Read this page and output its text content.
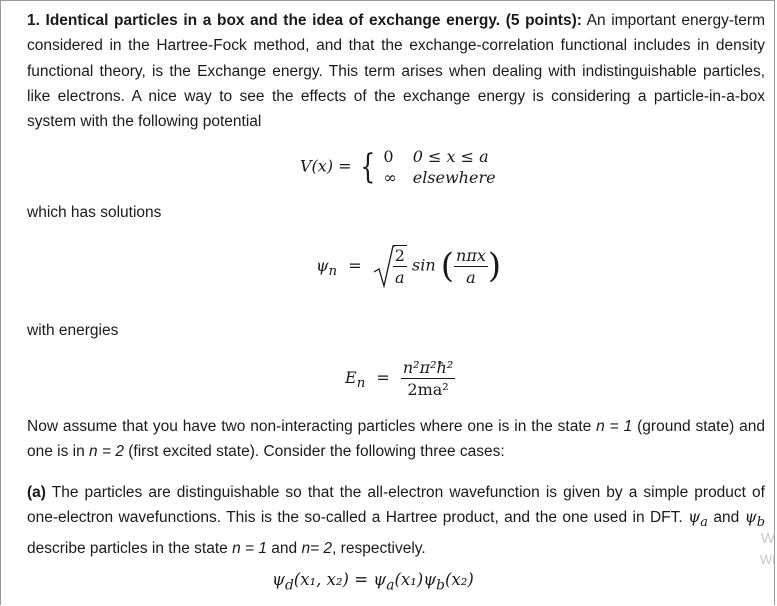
1. Identical particles in a box and the idea of exchange energy. (5 points): An important energy-term considered in the Hartree-Fock method, and that the exchange-correlation functional includes in density functional theory, is the Exchange energy. This term arises when dealing with indistinguishable particles, like electrons. A nice way to see the effects of the exchange energy is considering a particle-in-a-box system with the following potential
V(x) = { 0	0 ≤ x ≤ a
∞	elsewhere
which has solutions
$\psi_n = \frac{2}{a}$ sin ( $\frac{\text{nπx}}{a}$ )
with energies
$E_n = \frac{\text{n²π²ħ²}}{\text{2ma²}}$
Now assume that you have two non-interacting particles where one is in the state n = 1 (ground state) and one is in n = 2 (first excited state). Consider the following three cases:
(a) The particles are distinguishable so that the all-electron wavefunction is given by a simple product of one-electron wavefunctions. This is the so-called a Hartree product, and the one used in DFT. $\psi_a$ and $\psi_b$ describe particles in the state n = 1 and n= 2, respectively.
$\psi_d(x_1$, $x_2) = \psi_a(x_1)\psi_b(x_2)$
W
Wi
